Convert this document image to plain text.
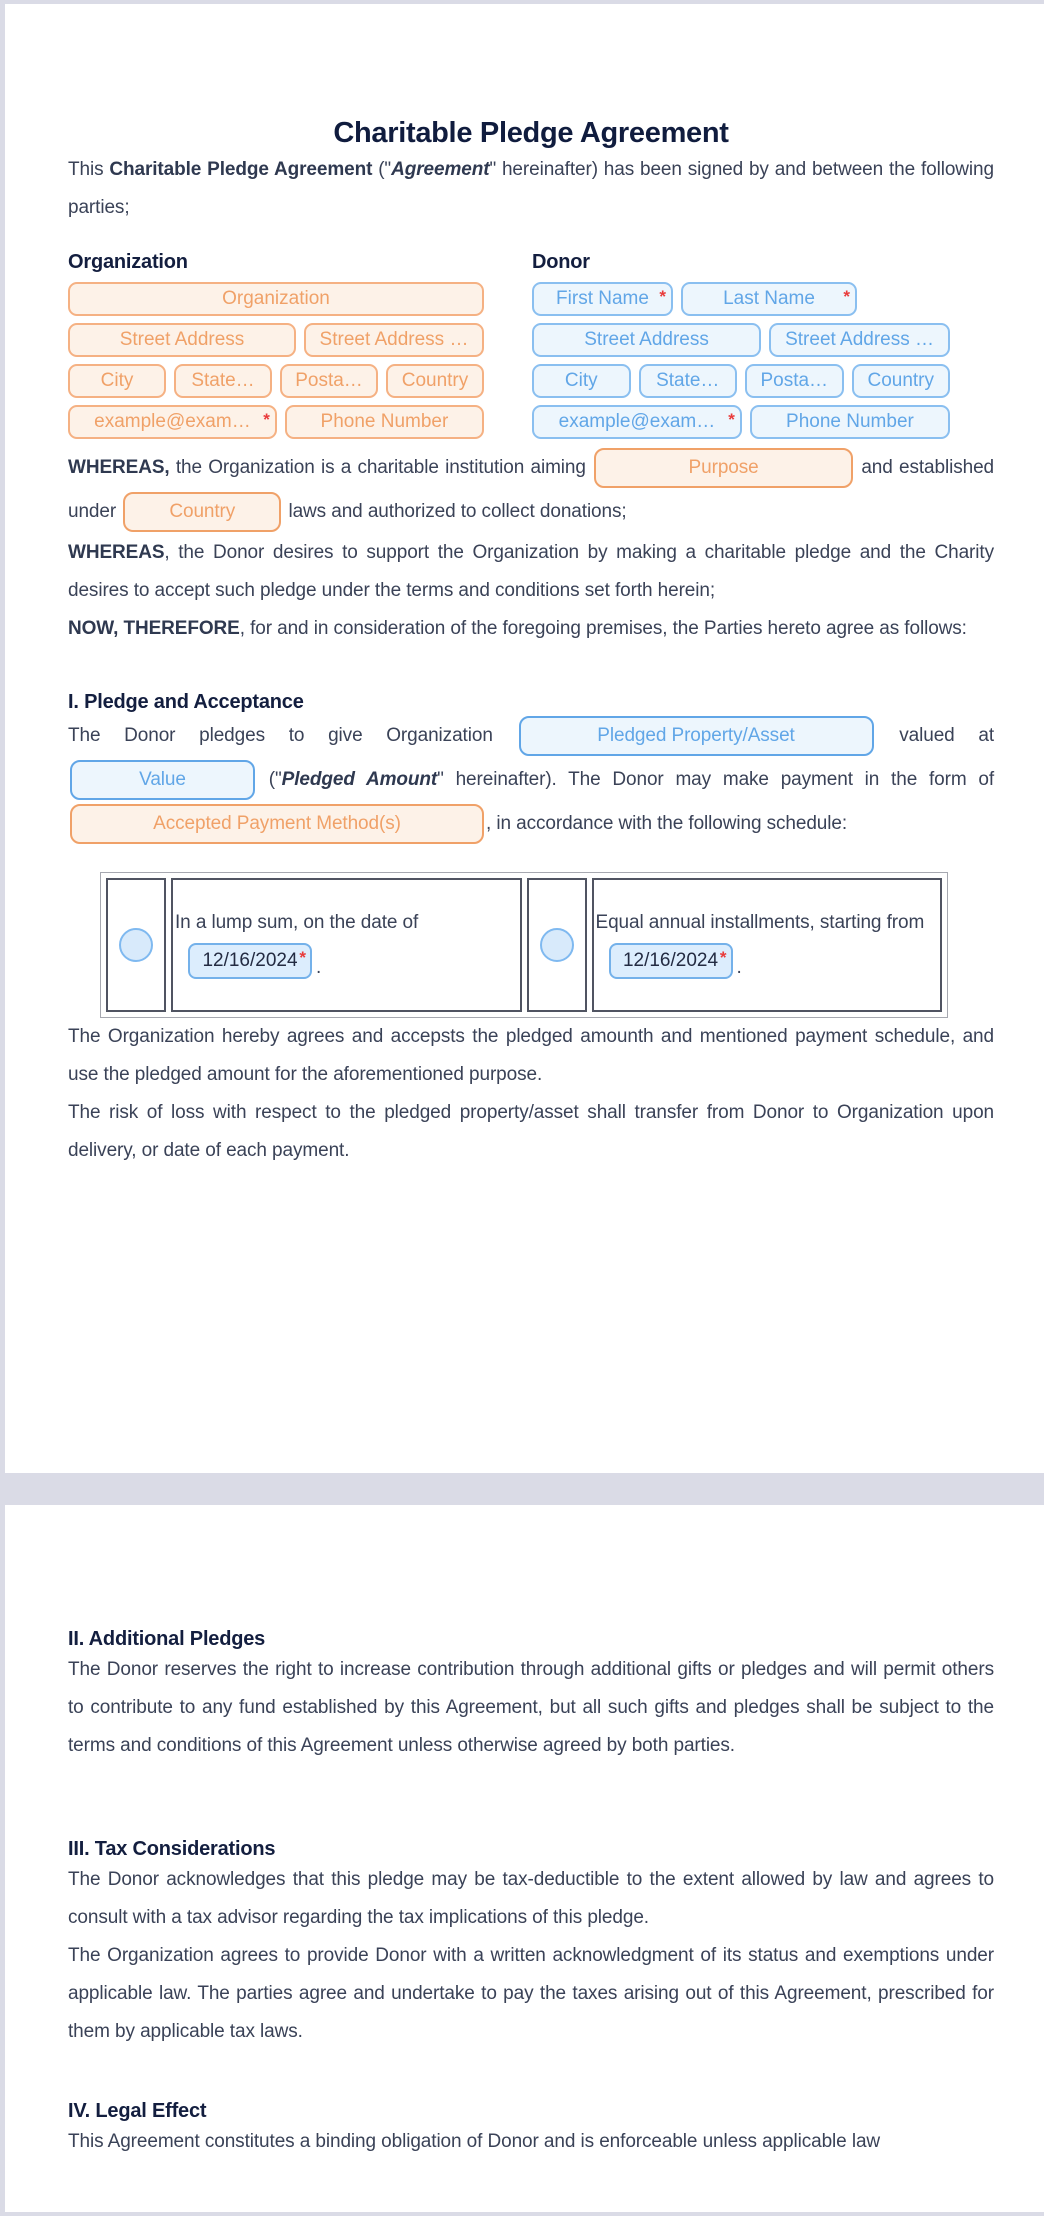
Charitable Pledge Agreement

This Charitable Pledge Agreement ("Agreement" hereinafter) has been signed by and between the following parties;

Organization

Organization
Street Address	Street Address …
City	State…	Posta…	Country
example@exam… *	Phone Number

Donor

First Name *	Last Name	*
Street Address	Street Address …
City	State…	Posta…	Country
example@exam… *	Phone Number

WHEREAS, the Organization is a charitable institution aiming	Purpose	and established under	Country	laws and authorized to collect donations;

WHEREAS, the Donor desires to support the Organization by making a charitable pledge and the Charity desires to accept such pledge under the terms and conditions set forth herein;

NOW, THEREFORE, for and in consideration of the foregoing premises, the Parties hereto agree as follows:

I. Pledge and Acceptance

The Donor pledges to give Organization	Pledged Property/Asset	valued at
Value	("Pledged Amount" hereinafter). The Donor may make payment in the form of
Accepted Payment Method(s)	, in accordance with the following schedule:

In a lump sum, on the date of
12/16/2024 * .
Equal annual installments, starting from
12/16/2024 * .

The Organization hereby agrees and accepsts the pledged amounth and mentioned payment schedule, and use the pledged amount for the aforementioned purpose.

The risk of loss with respect to the pledged property/asset shall transfer from Donor to Organization upon delivery, or date of each payment.

II. Additional Pledges

The Donor reserves the right to increase contribution through additional gifts or pledges and will permit others to contribute to any fund established by this Agreement, but all such gifts and pledges shall be subject to the terms and conditions of this Agreement unless otherwise agreed by both parties.

III. Tax Considerations

The Donor acknowledges that this pledge may be tax-deductible to the extent allowed by law and agrees to consult with a tax advisor regarding the tax implications of this pledge.

The Organization agrees to provide Donor with a written acknowledgment of its status and exemptions under applicable law. The parties agree and undertake to pay the taxes arising out of this Agreement, prescribed for them by applicable tax laws.

IV. Legal Effect

This Agreement constitutes a binding obligation of Donor and is enforceable unless applicable law
